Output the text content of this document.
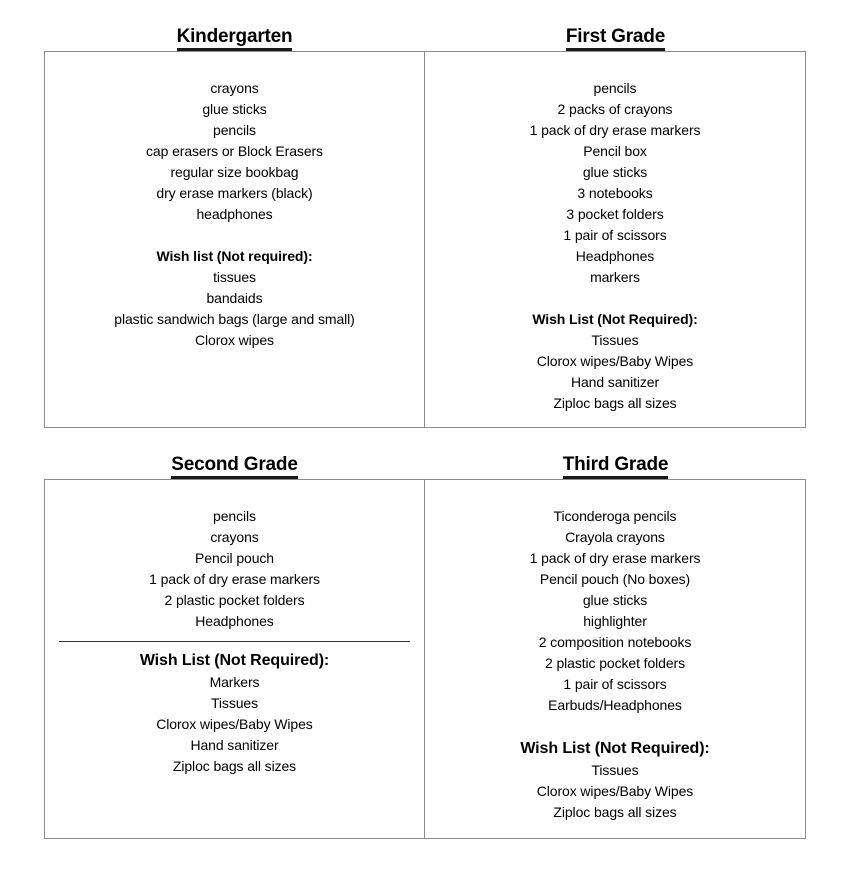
Kindergarten
crayons
glue sticks
pencils
cap erasers or Block Erasers
regular size bookbag
dry erase markers (black)
headphones
Wish list (Not required):
tissues
bandaids
plastic sandwich bags (large and small)
Clorox wipes
First Grade
pencils
2 packs of crayons
1 pack of dry erase markers
Pencil box
glue sticks
3 notebooks
3 pocket folders
1 pair of scissors
Headphones
markers
Wish List (Not Required):
Tissues
Clorox wipes/Baby Wipes
Hand sanitizer
Ziploc bags all sizes
Second Grade
pencils
crayons
Pencil pouch
1 pack of dry erase markers
2 plastic pocket folders
Headphones
Wish List (Not Required):
Markers
Tissues
Clorox wipes/Baby Wipes
Hand sanitizer
Ziploc bags all sizes
Third Grade
Ticonderoga pencils
Crayola crayons
1 pack of dry erase markers
Pencil pouch (No boxes)
glue sticks
highlighter
2 composition notebooks
2 plastic pocket folders
1 pair of scissors
Earbuds/Headphones
Wish List (Not Required):
Tissues
Clorox wipes/Baby Wipes
Ziploc bags all sizes
